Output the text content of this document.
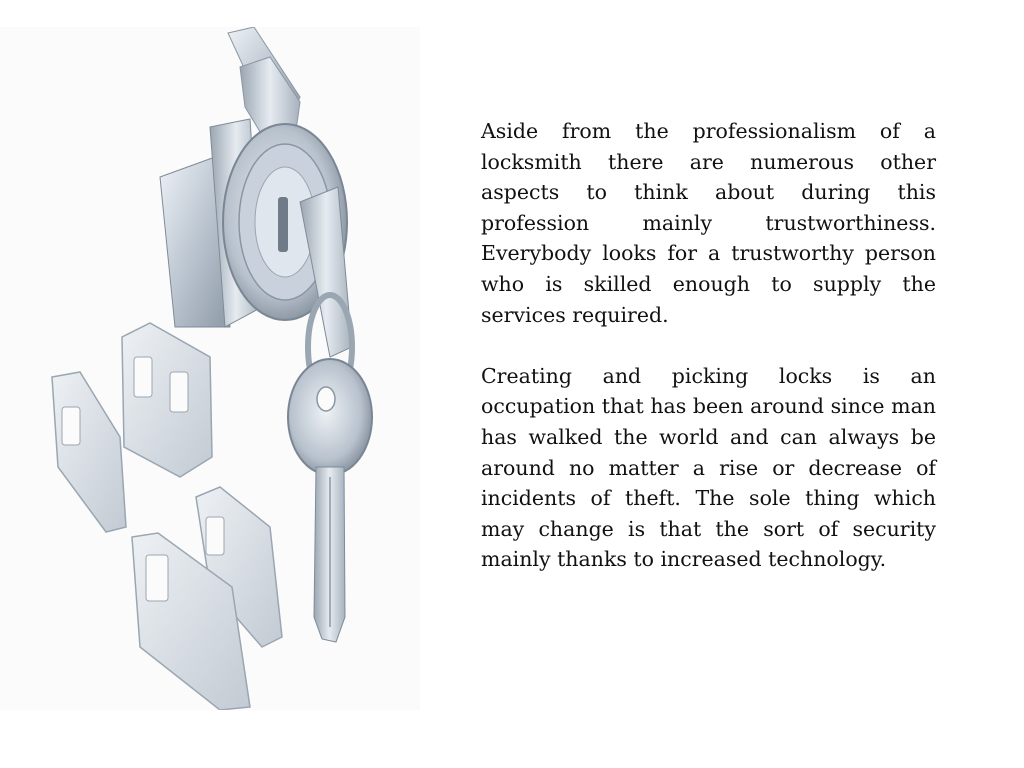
Aside from the professionalism of a locksmith there are numerous other aspects to think about during this profession mainly trustworthiness. Everybody looks for a trustworthy person who is skilled enough to supply the services required.

Creating and picking locks is an occupation that has been around since man has walked the world and can always be around no matter a rise or decrease of incidents of theft. The sole thing which may change is that the sort of security mainly thanks to increased technology.
